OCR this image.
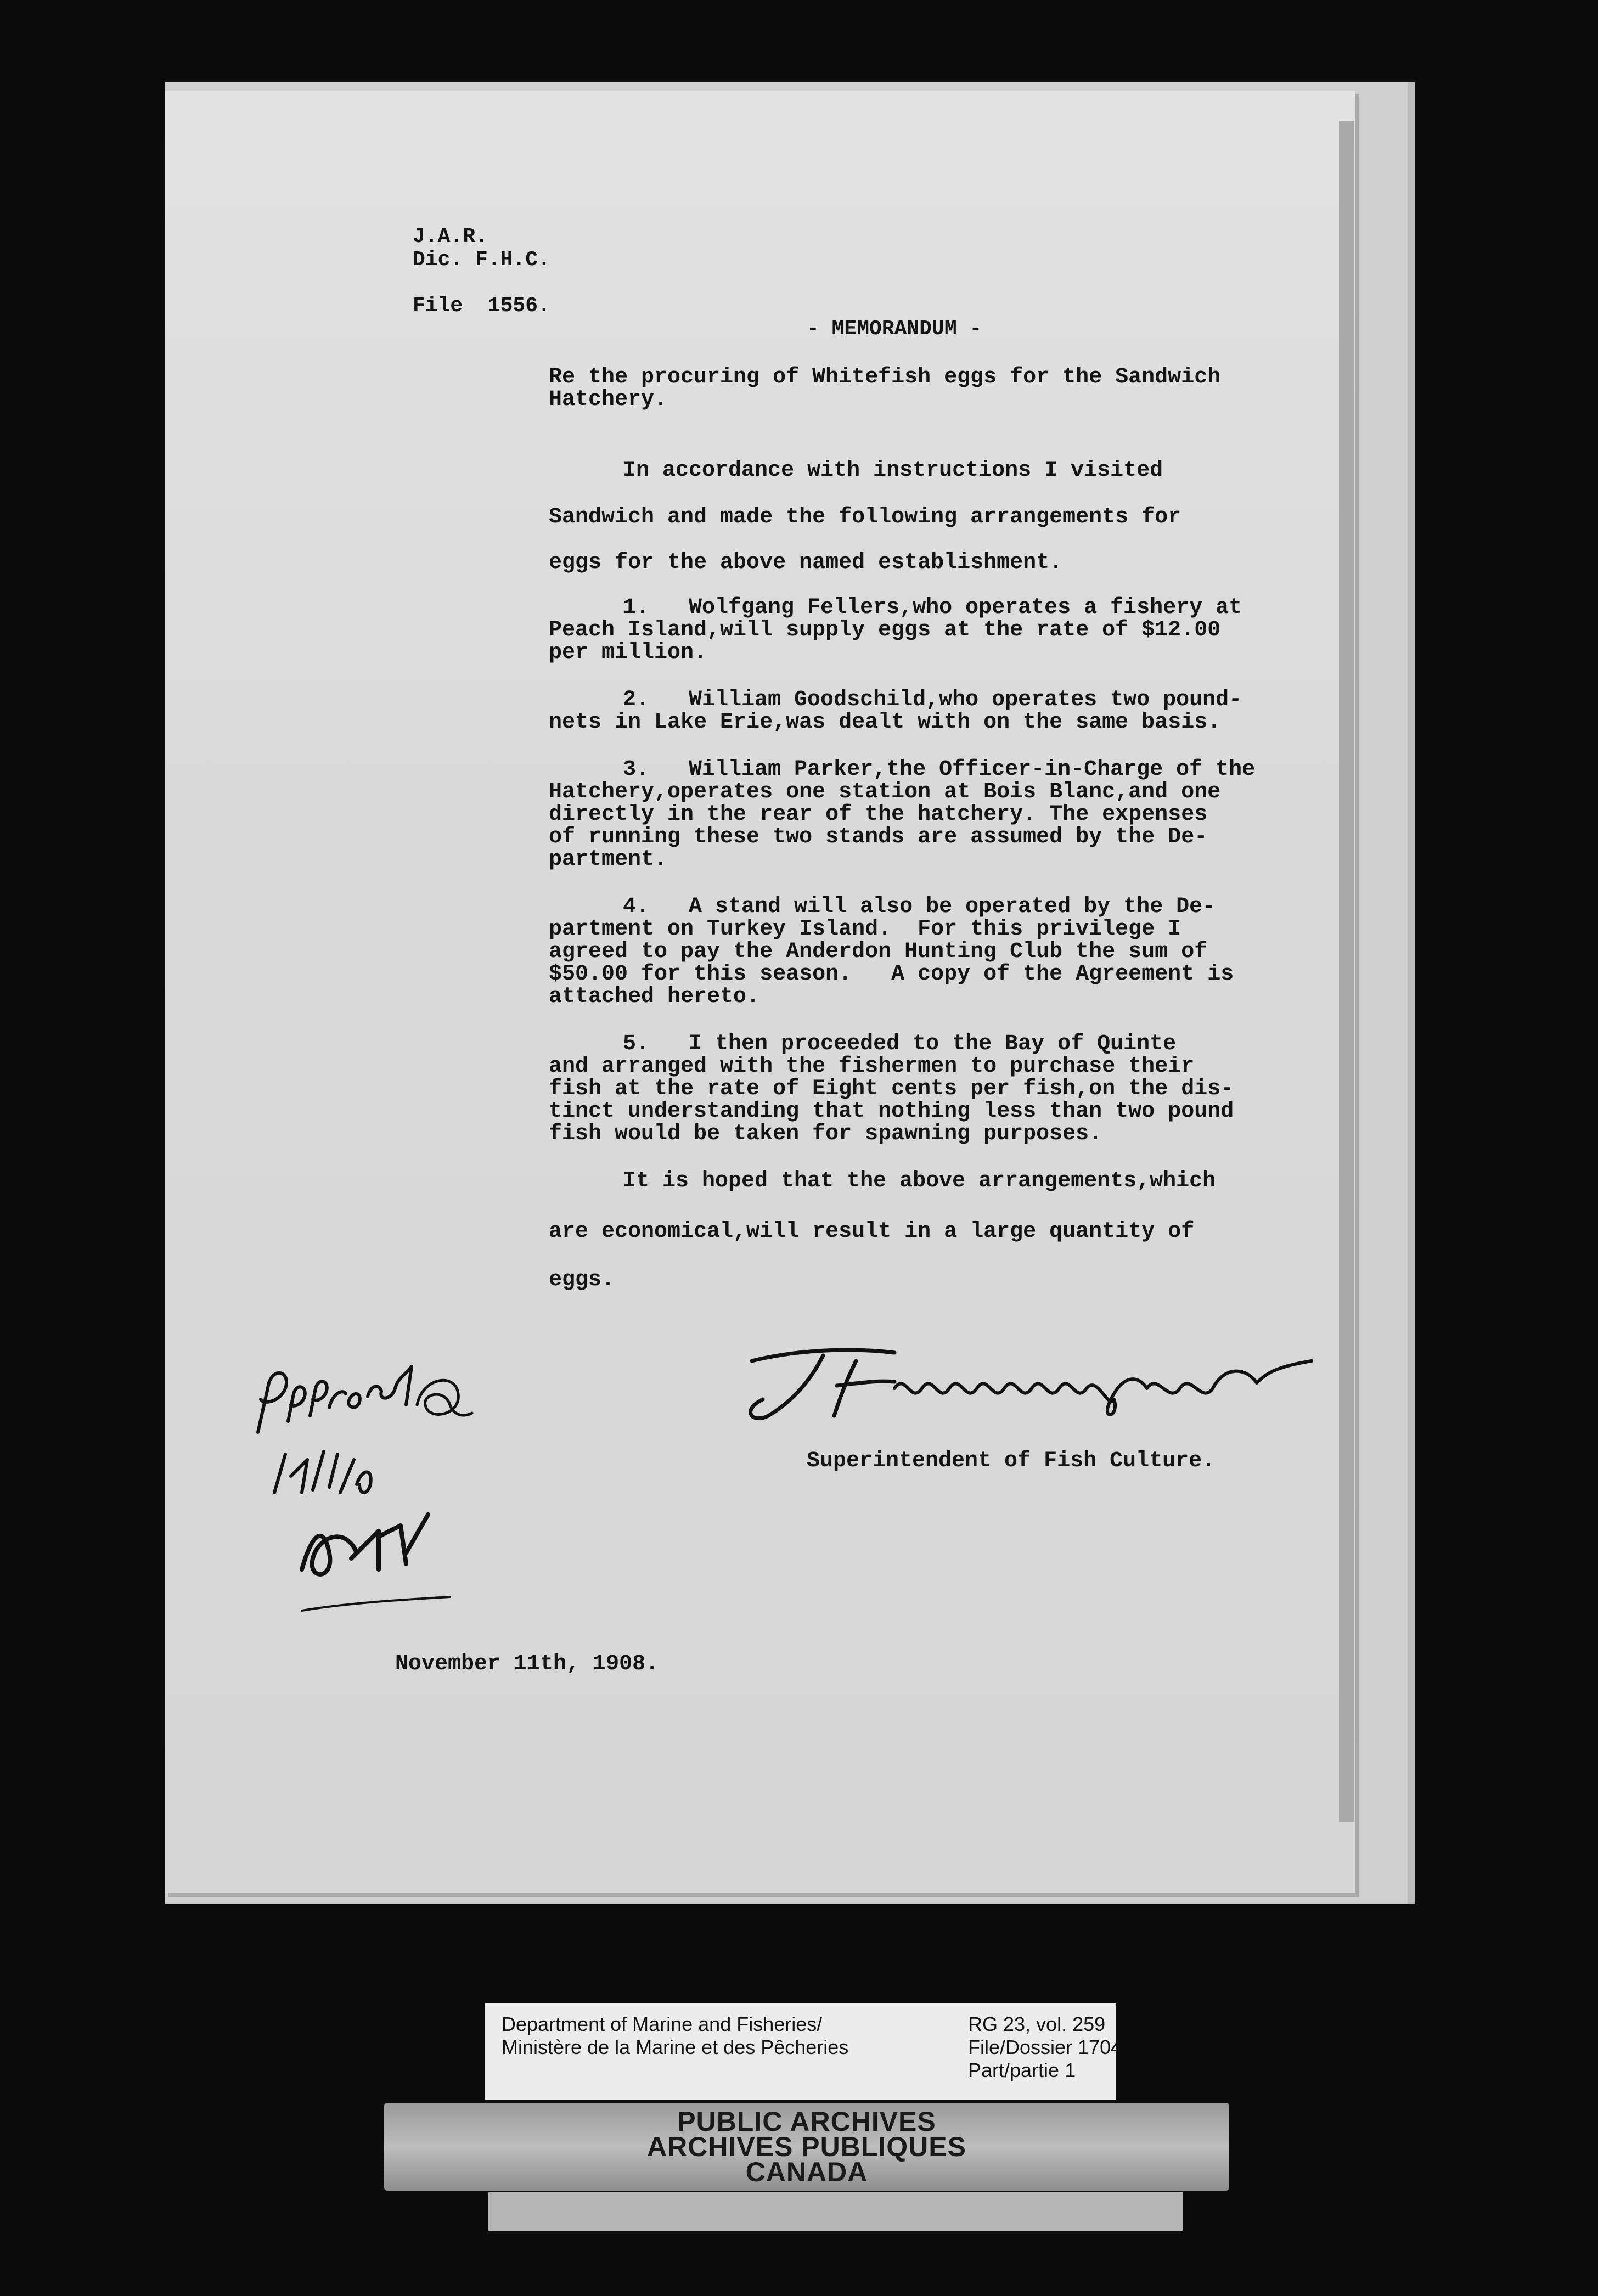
J.A.R.
Dic. F.H.C.
File  1556.
- MEMORANDUM -
Re the procuring of Whitefish eggs for the Sandwich
Hatchery.
In accordance with instructions I visited
Sandwich and made the following arrangements for
eggs for the above named establishment.
1.   Wolfgang Fellers,who operates a fishery at
Peach Island,will supply eggs at the rate of $12.00
per million.
2.   William Goodschild,who operates two pound-
nets in Lake Erie,was dealt with on the same basis.
3.   William Parker,the Officer-in-Charge of the
Hatchery,operates one station at Bois Blanc,and one
directly in the rear of the hatchery. The expenses
of running these two stands are assumed by the De-
partment.
4.   A stand will also be operated by the De-
partment on Turkey Island.  For this privilege I
agreed to pay the Anderdon Hunting Club the sum of
$50.00 for this season.   A copy of the Agreement is
attached hereto.
5.   I then proceeded to the Bay of Quinte
and arranged with the fishermen to purchase their
fish at the rate of Eight cents per fish,on the dis-
tinct understanding that nothing less than two pound
fish would be taken for spawning purposes.
It is hoped that the above arrangements,which
are economical,will result in a large quantity of
eggs.
Superintendent of Fish Culture.
November 11th, 1908.
Department of Marine and Fisheries/
Ministère de la Marine et des Pêcheries
RG 23, vol. 259
File/Dossier 1704
Part/partie 1
PUBLIC ARCHIVES
ARCHIVES PUBLIQUES
CANADA
